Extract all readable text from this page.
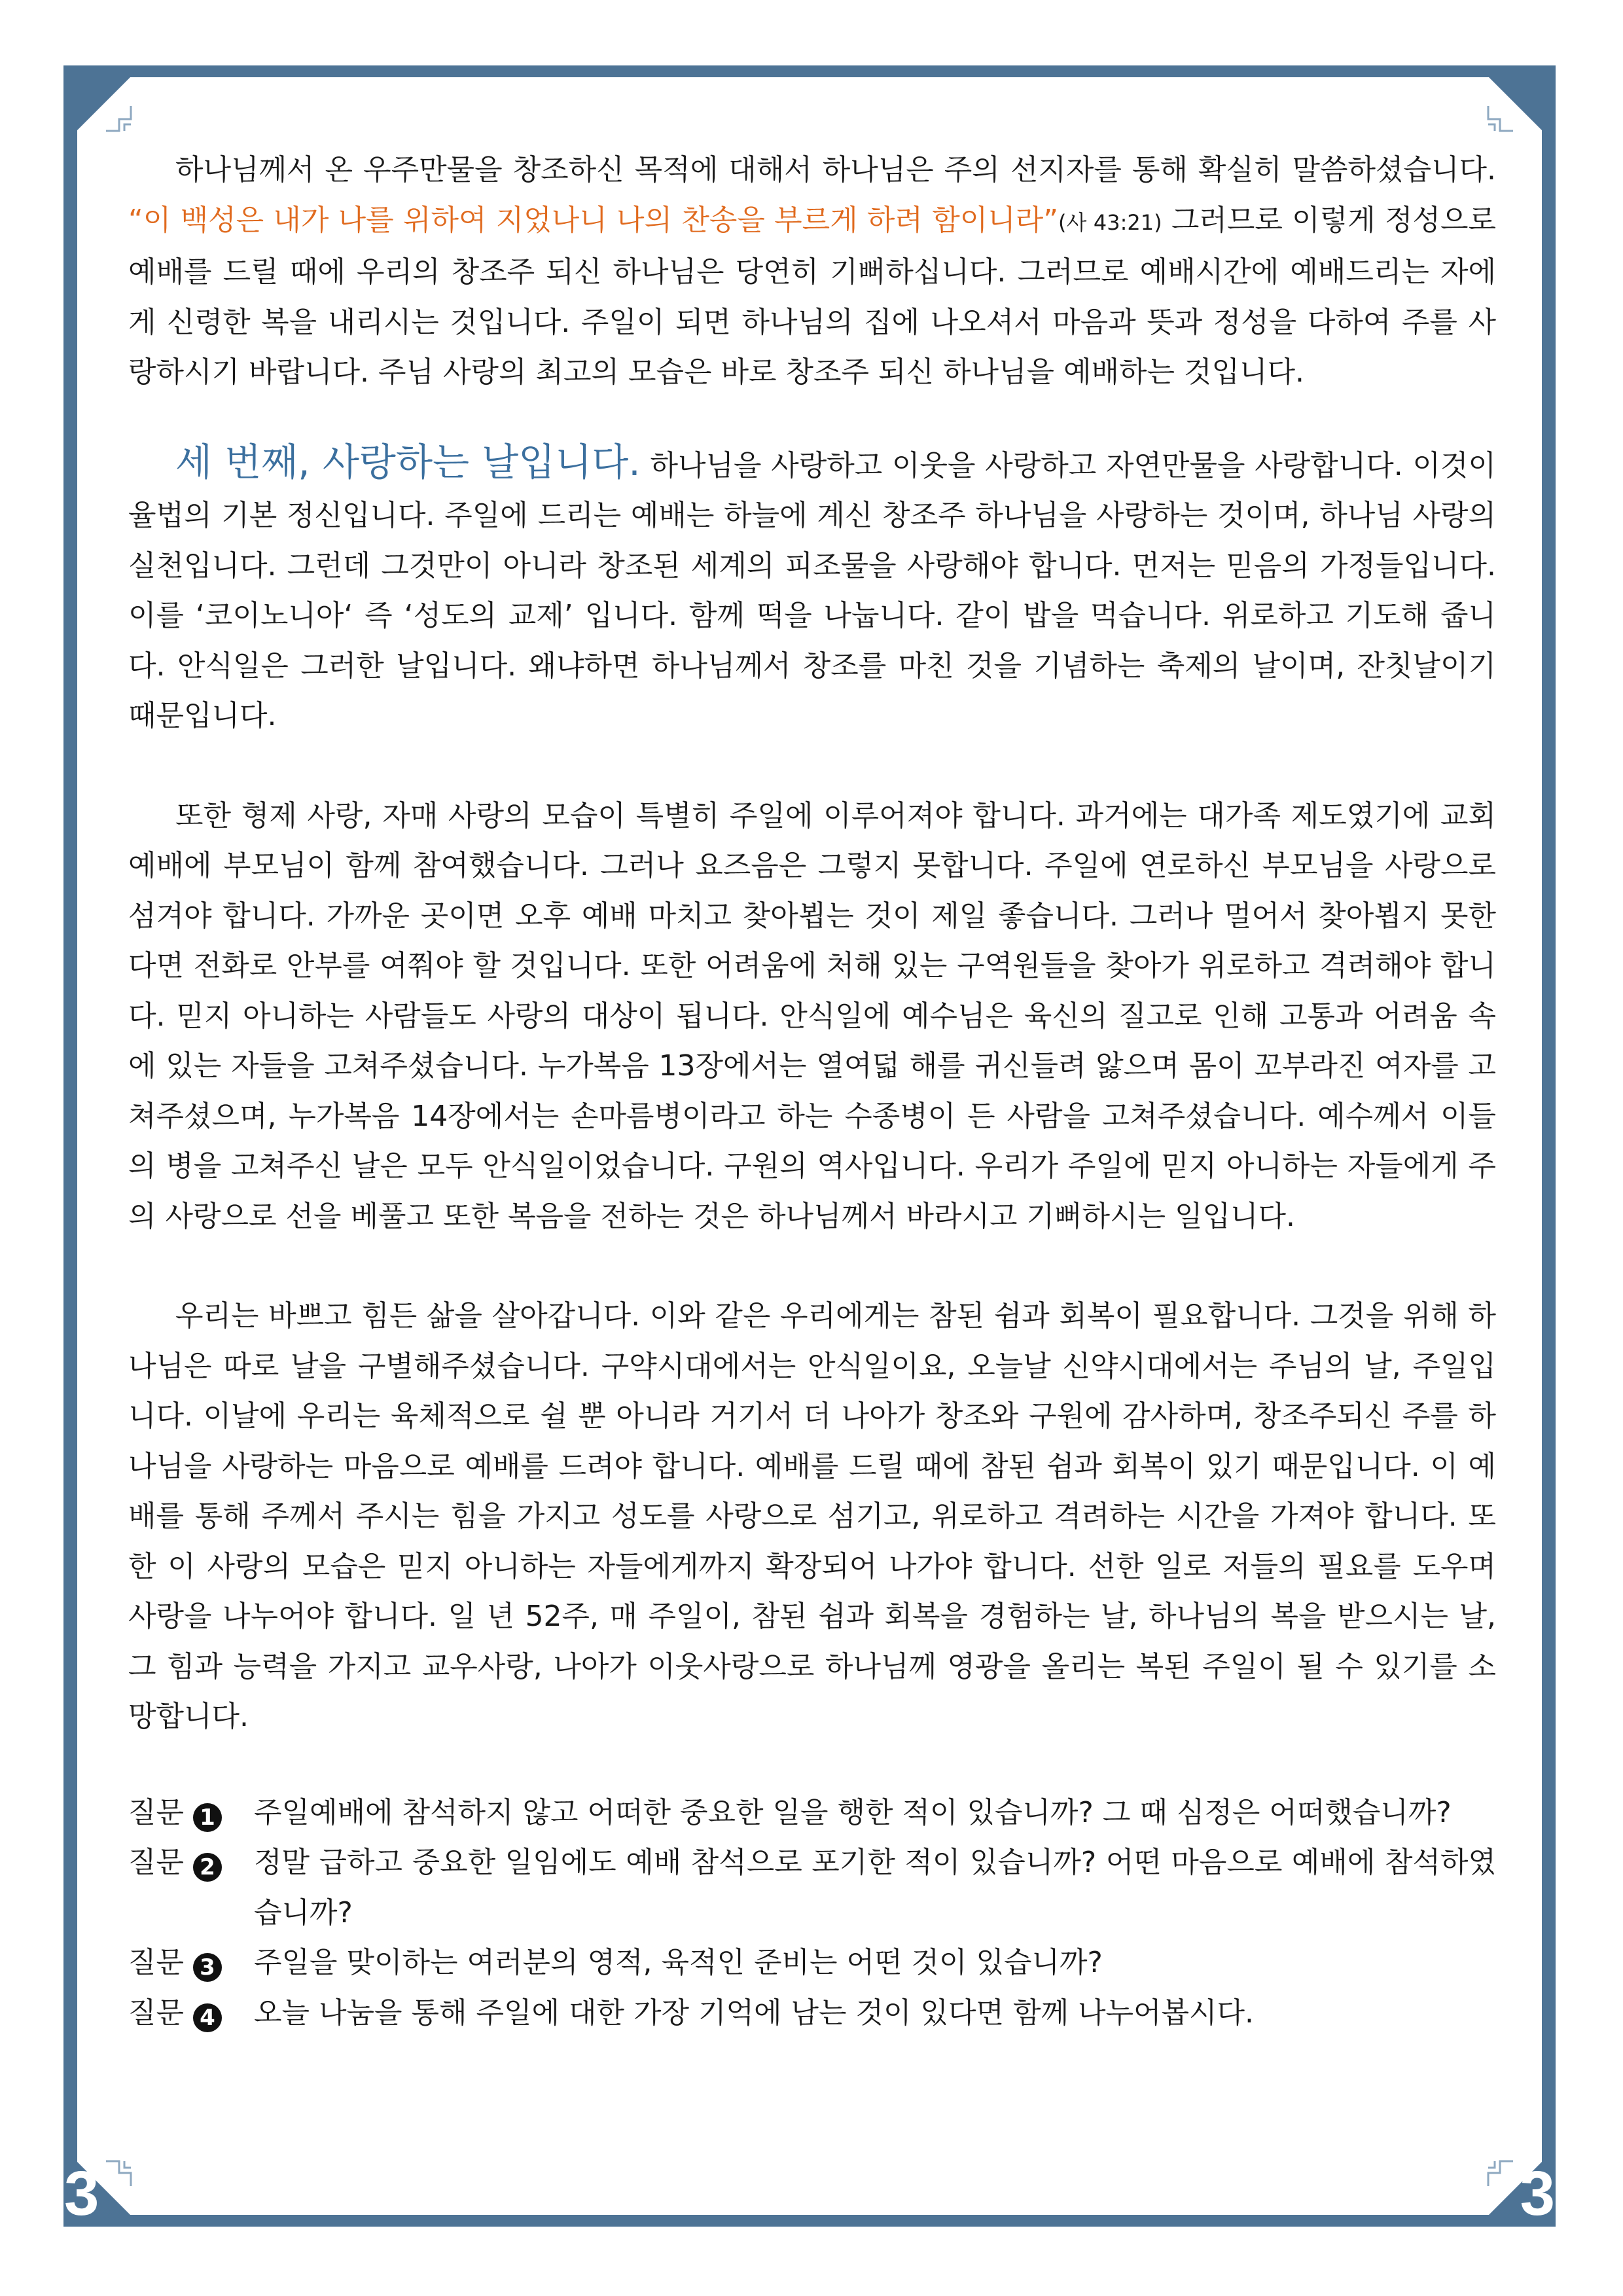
3	3

하나님께서 온 우주만물을 창조하신 목적에 대해서 하나님은 주의 선지자를 통해 확실히 말씀하셨습니다. “이 백성은 내가 나를 위하여 지었나니 나의 찬송을 부르게 하려 함이니라”(사 43:21) 그러므로 이렇게 정성으로 예배를 드릴 때에 우리의 창조주 되신 하나님은 당연히 기뻐하십니다. 그러므로 예배시간에 예배드리는 자에게 신령한 복을 내리시는 것입니다. 주일이 되면 하나님의 집에 나오셔서 마음과 뜻과 정성을 다하여 주를 사랑하시기 바랍니다. 주님 사랑의 최고의 모습은 바로 창조주 되신 하나님을 예배하는 것입니다.

세 번째, 사랑하는 날입니다. 하나님을 사랑하고 이웃을 사랑하고 자연만물을 사랑합니다. 이것이 율법의 기본 정신입니다. 주일에 드리는 예배는 하늘에 계신 창조주 하나님을 사랑하는 것이며, 하나님 사랑의 실천입니다. 그런데 그것만이 아니라 창조된 세계의 피조물을 사랑해야 합니다. 먼저는 믿음의 가정들입니다. 이를 ‘코이노니아‘ 즉 ‘성도의 교제’ 입니다. 함께 떡을 나눕니다. 같이 밥을 먹습니다. 위로하고 기도해 줍니다. 안식일은 그러한 날입니다. 왜냐하면 하나님께서 창조를 마친 것을 기념하는 축제의 날이며, 잔칫날이기 때문입니다.

또한 형제 사랑, 자매 사랑의 모습이 특별히 주일에 이루어져야 합니다. 과거에는 대가족 제도였기에 교회 예배에 부모님이 함께 참여했습니다. 그러나 요즈음은 그렇지 못합니다. 주일에 연로하신 부모님을 사랑으로 섬겨야 합니다. 가까운 곳이면 오후 예배 마치고 찾아뵙는 것이 제일 좋습니다. 그러나 멀어서 찾아뵙지 못한다면 전화로 안부를 여쭤야 할 것입니다. 또한 어려움에 처해 있는 구역원들을 찾아가 위로하고 격려해야 합니다. 믿지 아니하는 사람들도 사랑의 대상이 됩니다. 안식일에 예수님은 육신의 질고로 인해 고통과 어려움 속에 있는 자들을 고쳐주셨습니다. 누가복음 13장에서는 열여덟 해를 귀신들려 앓으며 몸이 꼬부라진 여자를 고쳐주셨으며, 누가복음 14장에서는 손마름병이라고 하는 수종병이 든 사람을 고쳐주셨습니다. 예수께서 이들의 병을 고쳐주신 날은 모두 안식일이었습니다. 구원의 역사입니다. 우리가 주일에 믿지 아니하는 자들에게 주의 사랑으로 선을 베풀고 또한 복음을 전하는 것은 하나님께서 바라시고 기뻐하시는 일입니다.

우리는 바쁘고 힘든 삶을 살아갑니다. 이와 같은 우리에게는 참된 쉼과 회복이 필요합니다. 그것을 위해 하나님은 따로 날을 구별해주셨습니다. 구약시대에서는 안식일이요, 오늘날 신약시대에서는 주님의 날, 주일입니다. 이날에 우리는 육체적으로 쉴 뿐 아니라 거기서 더 나아가 창조와 구원에 감사하며, 창조주되신 주를 하나님을 사랑하는 마음으로 예배를 드려야 합니다. 예배를 드릴 때에 참된 쉼과 회복이 있기 때문입니다. 이 예배를 통해 주께서 주시는 힘을 가지고 성도를 사랑으로 섬기고, 위로하고 격려하는 시간을 가져야 합니다. 또한 이 사랑의 모습은 믿지 아니하는 자들에게까지 확장되어 나가야 합니다. 선한 일로 저들의 필요를 도우며 사랑을 나누어야 합니다. 일 년 52주, 매 주일이, 참된 쉼과 회복을 경험하는 날, 하나님의 복을 받으시는 날, 그 힘과 능력을 가지고 교우사랑, 나아가 이웃사랑으로 하나님께 영광을 올리는 복된 주일이 될 수 있기를 소망합니다.

질문 1 주일예배에 참석하지 않고 어떠한 중요한 일을 행한 적이 있습니까? 그 때 심정은 어떠했습니까?

질문 2 정말 급하고 중요한 일임에도 예배 참석으로 포기한 적이 있습니까? 어떤 마음으로 예배에 참석하였습니까?

질문 3 주일을 맞이하는 여러분의 영적, 육적인 준비는 어떤 것이 있습니까?

질문 4 오늘 나눔을 통해 주일에 대한 가장 기억에 남는 것이 있다면 함께 나누어봅시다.
